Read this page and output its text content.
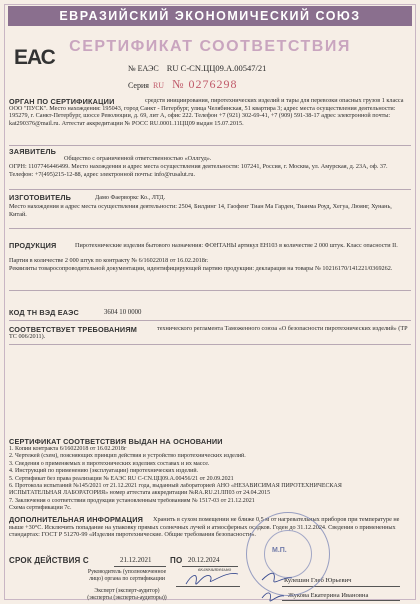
ЕВРАЗИЙСКИЙ ЭКОНОМИЧЕСКИЙ СОЮЗ
ЕАС СЕРТИФИКАТ СООТВЕТСТВИЯ
№ ЕАЭС RU C-CN.ЦЦ09.А.00547/21
Серия RU № 0276298
ОРГАН ПО СЕРТИФИКАЦИИ	средств инициирования, пиротехнических изделий и тары для перевозки опасных грузов 1 класса ООО "ПУСК". Место нахождения: 195043, город Санкт - Петербург, улица Челябинская, 51 квартира 3; адрес места осуществления деятельности: 195279, г. Санкт-Петербург, шоссе Революции, д. 69, лит А, офис 222. Телефон +7 (921) 302-69-41, +7 (909) 591-38-17 адрес электронной почты: kat290376@mail.ru. Аттестат аккредитации № РОСС RU.0001.11ЦЦ09 выдан 15.07.2015.
ЗАЯВИТЕЛЬ
Общество с ограниченной ответственностью «Оллгуд».
ОГРН: 1107746446499. Место нахождения и адрес места осуществления деятельности: 107241, Россия, г. Москва, ул. Амурская, д. 23А, оф. 37. Телефон: +7(495)215-12-88, адрес электронной почты: info@rusalut.ru.
ИЗГОТОВИТЕЛЬ	Дамо Фаерворкс Ко., ЛТД.
Место нахождения и адрес места осуществления деятельности: 2504, Билдинг 14, Гаофенг Тиан Ма Гарден, Тианма Роуд, Хегуа, Люянг, Хунань, Китай.
ПРОДУКЦИЯ	Пиротехнические изделия бытового назначения: ФОНТАНЫ артикул ЕН103 в количестве 2 000 штук. Класс опасности II.
Партия в количестве 2 000 штук по контракту № 6/16022018 от 16.02.2018г.
Реквизиты товаросопроводительной документации, идентифицирующей партию продукции: декларация на товары № 10216170/141221/0369262.
КОД ТН ВЭД ЕАЭС	3604 10 0000
СООТВЕТСТВУЕТ ТРЕБОВАНИЯМ	технического регламента Таможенного союза «О безопасности пиротехнических изделий» (ТР ТС 006/2011).
СЕРТИФИКАТ СООТВЕТСТВИЯ ВЫДАН НА ОСНОВАНИИ
1. Копии контракта 6/16022018 от 16.02.2018г
2. Чертежей (схем), поясняющих принцип действия и устройство пиротехнических изделий.
3. Сведения о применяемых в пиротехнических изделиях составах и их массе.
4. Инструкций по применению (эксплуатации) пиротехнических изделий.
5. Сертификат без права реализации № ЕАЭС RU С-CN.ЦЦ09.А.00456/21 от 20.09.2021
6. Протокола испытаний №145/2021 от 21.12.2021 года, выданный лабораторией АНО «НЕЗАВИСИМАЯ ПИРОТЕХНИЧЕСКАЯ
ИСПЫТАТЕЛЬНАЯ ЛАБОРАТОРИЯ» номер аттестата аккредитации №RA.RU.21ЛП03 от 24.04.2015
7. Заключения о соответствии продукции установленным требованиям № 1517-03 от 21.12.2021
Схема сертификации 7с.
ДОПОЛНИТЕЛЬНАЯ ИНФОРМАЦИЯ	Хранить в сухом помещении не ближе 0,5 м от нагревательных приборов при температуре не выше +30°С. Исключить попадание на упаковку прямых солнечных лучей и атмосферных осадков. Годен до 31.12.2024. Сведения о примененных стандартах: ГОСТ Р 51270-99 «Изделия пиротехнические. Общие требования безопасности».
СРОК ДЕЙСТВИЯ С	21.12.2021 ПО 20.12.2024
включительно
Руководитель (уполномоченное лицо) органа по сертификации	Кулешин Глеб Юрьевич
Эксперт (эксперт-аудитор) (эксперты (эксперты-аудиторы))	Жукова Екатерина Ивановна
М.П.
